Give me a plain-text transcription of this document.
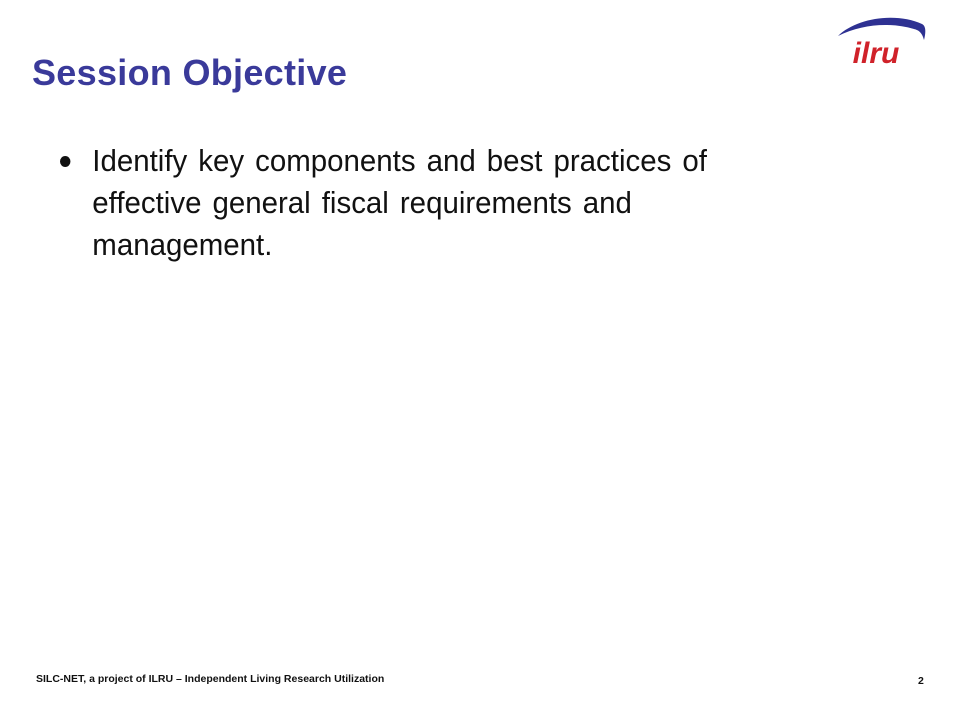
Session Objective	ilru
Identify key components and best practices of effective general fiscal requirements and management.
SILC-NET, a project of ILRU – Independent Living Research Utilization	2
